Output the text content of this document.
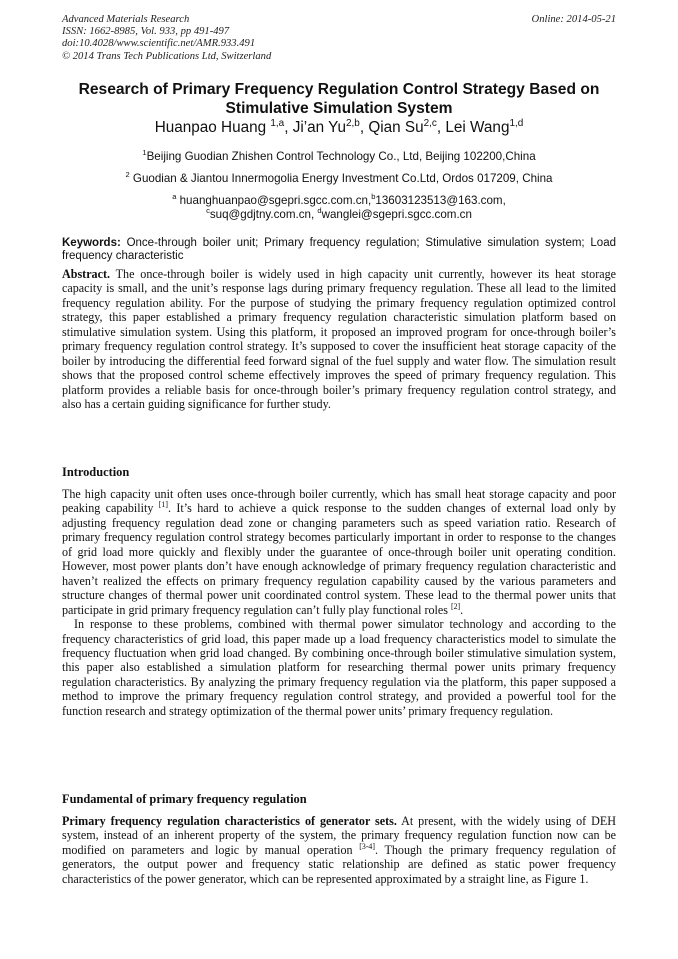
Advanced Materials Research
ISSN: 1662-8985, Vol. 933, pp 491-497
doi:10.4028/www.scientific.net/AMR.933.491
© 2014 Trans Tech Publications Ltd, Switzerland
Online: 2014-05-21
Research of Primary Frequency Regulation Control Strategy Based on Stimulative Simulation System
Huanpao Huang $^{1,a}$, Ji’an Yu$^{2,b}$, Qian Su$^{2,c}$, Lei Wang$^{1,d}$
$^1$Beijing Guodian Zhishen Control Technology Co., Ltd, Beijing 102200,China
$^2$ Guodian & Jiantou Innermogolia Energy Investment Co.Ltd, Ordos 017209, China
$^a$ huanghuanpao@sgepri.sgcc.com.cn,$^b$13603123513@163.com,
$^c$suq@gdjtny.com.cn, $^d$wanglei@sgepri.sgcc.com.cn
Keywords: Once-through boiler unit; Primary frequency regulation; Stimulative simulation system; Load frequency characteristic
Abstract. The once-through boiler is widely used in high capacity unit currently, however its heat storage capacity is small, and the unit’s response lags during primary frequency regulation. These all lead to the limited frequency regulation ability. For the purpose of studying the primary frequency regulation optimized control strategy, this paper established a primary frequency regulation characteristic simulation platform based on stimulative simulation system. Using this platform, it proposed an improved program for once-through boiler’s primary frequency regulation control strategy. It’s supposed to cover the insufficient heat storage capacity of the boiler by introducing the differential feed forward signal of the fuel supply and water flow. The simulation result shows that the proposed control scheme effectively improves the speed of primary frequency regulation. This platform provides a reliable basis for once-through boiler’s primary frequency regulation control strategy, and also has a certain guiding significance for further study.
Introduction
The high capacity unit often uses once-through boiler currently, which has small heat storage capacity and poor peaking capability [1]. It’s hard to achieve a quick response to the sudden changes of external load only by adjusting frequency regulation dead zone or changing parameters such as speed variation ratio. Research of primary frequency regulation control strategy becomes particularly important in order to response to the changes of grid load more quickly and flexibly under the guarantee of once-through boiler unit operating condition. However, most power plants don’t have enough acknowledge of primary frequency regulation characteristic and haven’t realized the effects on primary frequency regulation capability caused by the various parameters and structure changes of thermal power unit coordinated control system. These lead to the thermal power units that participate in grid primary frequency regulation can’t fully play functional roles [2].
In response to these problems, combined with thermal power simulator technology and according to the frequency characteristics of grid load, this paper made up a load frequency characteristics model to simulate the frequency fluctuation when grid load changed. By combining once-through boiler stimulative simulation system, this paper also established a simulation platform for researching thermal power units primary frequency regulation characteristics. By analyzing the primary frequency regulation via the platform, this paper supposed a method to improve the primary frequency regulation control strategy, and provided a powerful tool for the function research and strategy optimization of the thermal power units’ primary frequency regulation.
Fundamental of primary frequency regulation
Primary frequency regulation characteristics of generator sets. At present, with the widely using of DEH system, instead of an inherent property of the system, the primary frequency regulation function now can be modified on parameters and logic by manual operation [3-4]. Though the primary frequency regulation of generators, the output power and frequency static relationship are defined as static power frequency characteristics of the power generator, which can be represented approximated by a straight line, as Figure 1.
